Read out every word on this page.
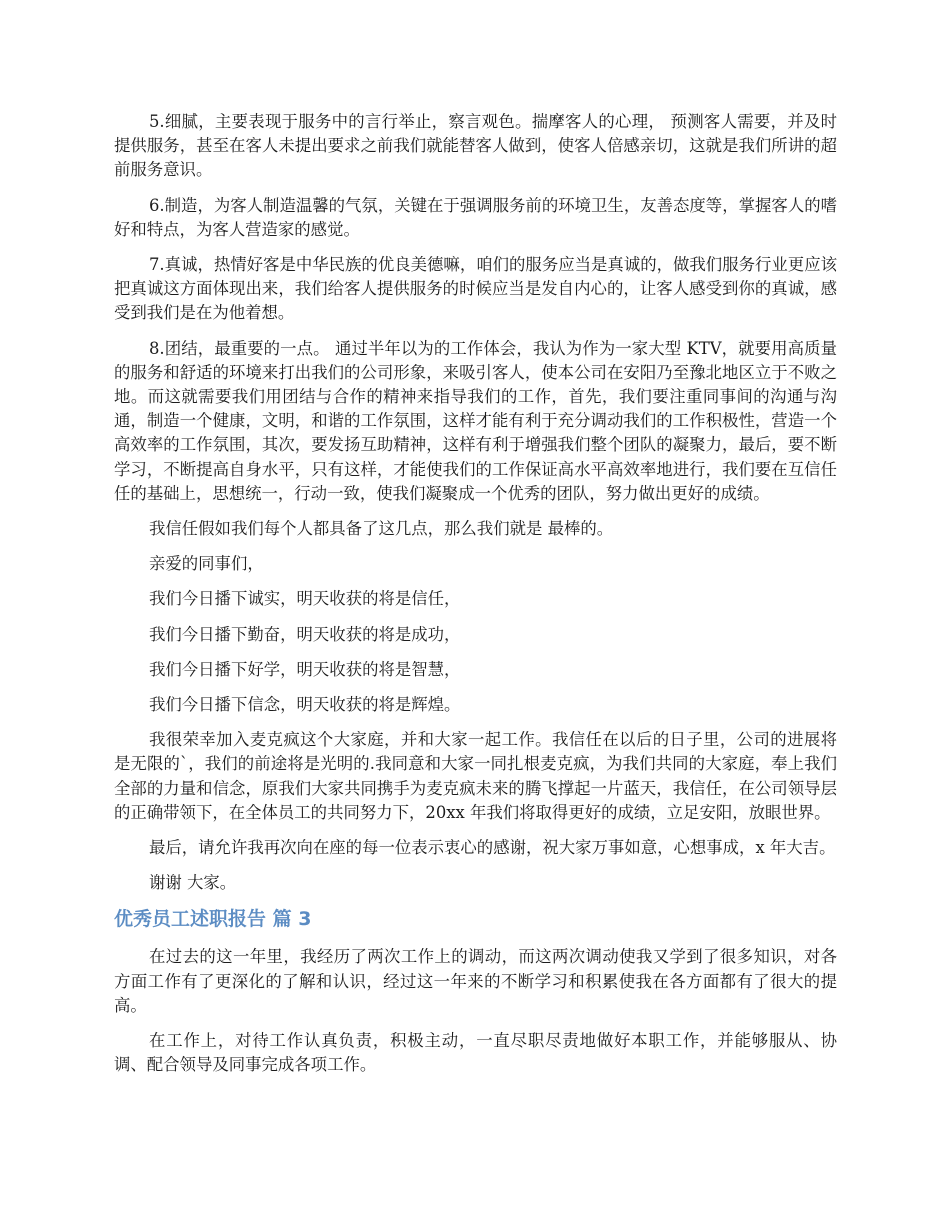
5.细腻，主要表现于服务中的言行举止，察言观色。揣摩客人的心理， 预测客人需要，并及时提供服务，甚至在客人未提出要求之前我们就能替客人做到，使客人倍感亲切，这就是我们所讲的超前服务意识。

6.制造，为客人制造温馨的气氛，关键在于强调服务前的环境卫生，友善态度等，掌握客人的嗜好和特点，为客人营造家的感觉。

7.真诚，热情好客是中华民族的优良美德嘛，咱们的服务应当是真诚的，做我们服务行业更应该把真诚这方面体现出来，我们给客人提供服务的时候应当是发自内心的，让客人感受到你的真诚，感受到我们是在为他着想。

8.团结，最重要的一点。 通过半年以为的工作体会，我认为作为一家大型 KTV，就要用高质量的服务和舒适的环境来打出我们的公司形象，来吸引客人，使本公司在安阳乃至豫北地区立于不败之地。而这就需要我们用团结与合作的精神来指导我们的工作，首先，我们要注重同事间的沟通与沟通，制造一个健康，文明，和谐的工作氛围，这样才能有利于充分调动我们的工作积极性，营造一个高效率的工作氛围，其次，要发扬互助精神，这样有利于增强我们整个团队的凝聚力，最后，要不断学习，不断提高自身水平，只有这样，才能使我们的工作保证高水平高效率地进行，我们要在互信任任的基础上，思想统一，行动一致，使我们凝聚成一个优秀的团队，努力做出更好的成绩。

我信任假如我们每个人都具备了这几点，那么我们就是 最棒的。

亲爱的同事们，

我们今日播下诚实，明天收获的将是信任，

我们今日播下勤奋，明天收获的将是成功，

我们今日播下好学，明天收获的将是智慧，

我们今日播下信念，明天收获的将是辉煌。

我很荣幸加入麦克疯这个大家庭，并和大家一起工作。我信任在以后的日子里，公司的进展将是无限的`，我们的前途将是光明的.我同意和大家一同扎根麦克疯，为我们共同的大家庭，奉上我们全部的力量和信念，原我们大家共同携手为麦克疯未来的腾飞撑起一片蓝天，我信任，在公司领导层的正确带领下，在全体员工的共同努力下，20xx 年我们将取得更好的成绩，立足安阳，放眼世界。

最后，请允许我再次向在座的每一位表示衷心的感谢，祝大家万事如意，心想事成，x 年大吉。

谢谢 大家。

优秀员工述职报告 篇 3

在过去的这一年里，我经历了两次工作上的调动，而这两次调动使我又学到了很多知识，对各方面工作有了更深化的了解和认识，经过这一年来的不断学习和积累使我在各方面都有了很大的提高。

在工作上，对待工作认真负责，积极主动，一直尽职尽责地做好本职工作，并能够服从、协调、配合领导及同事完成各项工作。
